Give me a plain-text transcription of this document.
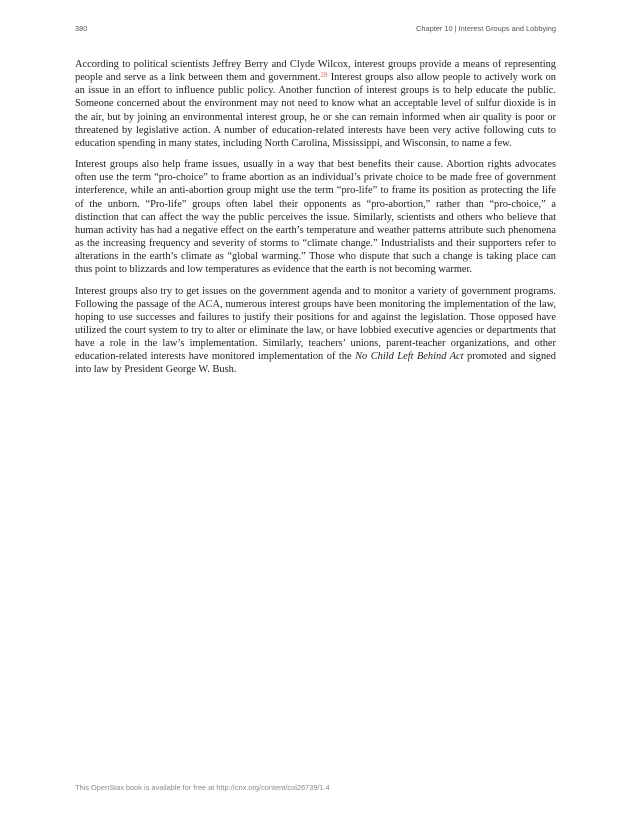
380	Chapter 10 | Interest Groups and Lobbying

According to political scientists Jeffrey Berry and Clyde Wilcox, interest groups provide a means of representing people and serve as a link between them and government.$^{28}$ Interest groups also allow people to actively work on an issue in an effort to influence public policy. Another function of interest groups is to help educate the public. Someone concerned about the environment may not need to know what an acceptable level of sulfur dioxide is in the air, but by joining an environmental interest group, he or she can remain informed when air quality is poor or threatened by legislative action. A number of education-related interests have been very active following cuts to education spending in many states, including North Carolina, Mississippi, and Wisconsin, to name a few.

Interest groups also help frame issues, usually in a way that best benefits their cause. Abortion rights advocates often use the term “pro-choice” to frame abortion as an individual’s private choice to be made free of government interference, while an anti-abortion group might use the term “pro-life” to frame its position as protecting the life of the unborn. “Pro-life” groups often label their opponents as “pro-abortion,” rather than “pro-choice,” a distinction that can affect the way the public perceives the issue. Similarly, scientists and others who believe that human activity has had a negative effect on the earth’s temperature and weather patterns attribute such phenomena as the increasing frequency and severity of storms to “climate change.” Industrialists and their supporters refer to alterations in the earth’s climate as “global warming.” Those who dispute that such a change is taking place can thus point to blizzards and low temperatures as evidence that the earth is not becoming warmer.

Interest groups also try to get issues on the government agenda and to monitor a variety of government programs. Following the passage of the ACA, numerous interest groups have been monitoring the implementation of the law, hoping to use successes and failures to justify their positions for and against the legislation. Those opposed have utilized the court system to try to alter or eliminate the law, or have lobbied executive agencies or departments that have a role in the law’s implementation. Similarly, teachers’ unions, parent-teacher organizations, and other education-related interests have monitored implementation of the No Child Left Behind Act promoted and signed into law by President George W. Bush.

This OpenStax book is available for free at http://cnx.org/content/col26739/1.4
